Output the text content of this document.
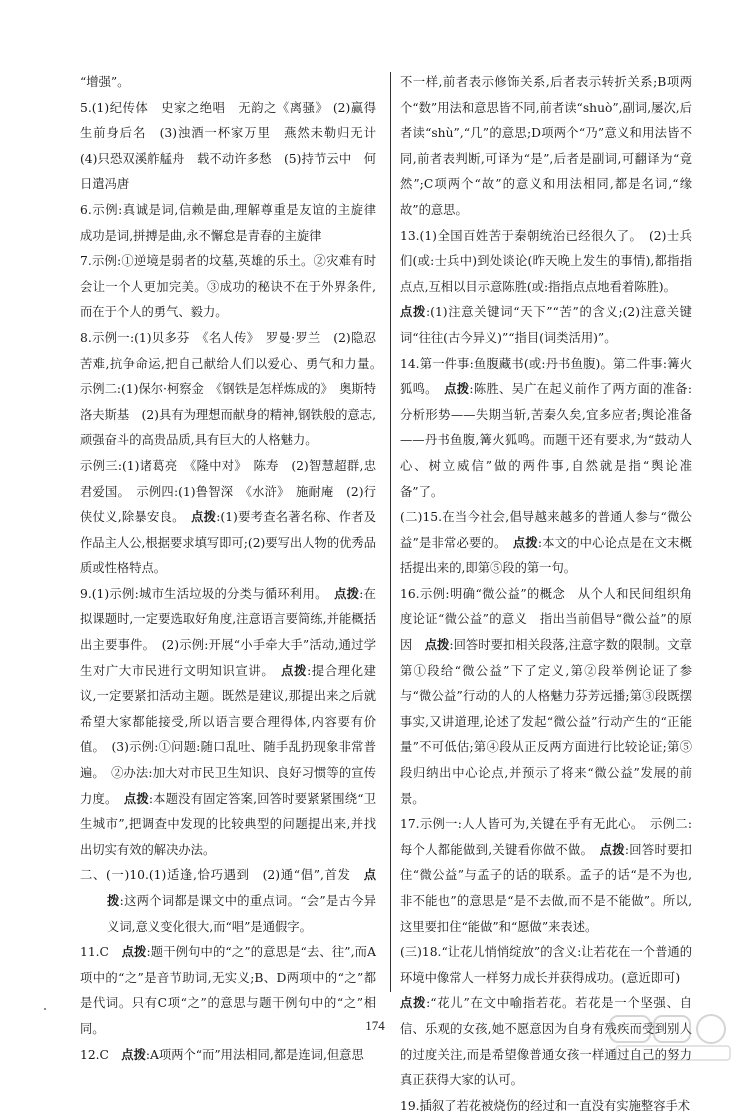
“增强”。

5.(1)纪传体　史家之绝唱　无韵之《离骚》 (2)赢得生前身后名　(3)浊酒一杯家万里　燕然未勒归无计　(4)只恐双溪舴艋舟　载不动许多愁　(5)持节云中　何日遣冯唐

6.示例:真诚是词,信赖是曲,理解尊重是友谊的主旋律　成功是词,拼搏是曲,永不懈怠是青春的主旋律

7.示例:①逆境是弱者的坟墓,英雄的乐土。②灾难有时会让一个人更加完美。③成功的秘诀不在于外界条件,而在于个人的勇气、毅力。

8.示例一:(1)贝多芬　《名人传》　罗曼·罗兰　(2)隐忍苦难,抗争命运,把自己献给人们以爱心、勇气和力量。　示例二:(1)保尔·柯察金　《钢铁是怎样炼成的》　奥斯特洛夫斯基　(2)具有为理想而献身的精神,钢铁般的意志,顽强奋斗的高贵品质,具有巨大的人格魅力。

示例三:(1)诸葛亮　《隆中对》　陈寿　(2)智慧超群,忠君爱国。　示例四:(1)鲁智深　《水浒》　施耐庵　(2)行侠仗义,除暴安良。　点拨:(1)要考查名著名称、作者及作品主人公,根据要求填写即可;(2)要写出人物的优秀品质或性格特点。

9.(1)示例:城市生活垃圾的分类与循环利用。　点拨:在拟课题时,一定要选取好角度,注意语言要简练,并能概括出主要事件。　(2)示例:开展“小手牵大手”活动,通过学生对广大市民进行文明知识宣讲。　点拨:提合理化建议,一定要紧扣活动主题。既然是建议,那提出来之后就希望大家都能接受,所以语言要合理得体,内容要有价值。　(3)示例:①问题:随口乱吐、随手乱扔现象非常普遍。　②办法:加大对市民卫生知识、良好习惯等的宣传力度。　点拨:本题没有固定答案,回答时要紧紧围绕“卫生城市”,把调查中发现的比较典型的问题提出来,并找出切实有效的解决办法。

二、(一)10.(1)适逢,恰巧遇到　(2)通“倡”,首发　点拨:这两个词都是课文中的重点词。“会”是古今异义词,意义变化很大,而“唱”是通假字。

11.C　点拨:题干例句中的“之”的意思是“去、往”,而A项中的“之”是音节助词,无实义;B、D两项中的“之”都是代词。只有C项“之”的意思与题干例句中的“之”相同。

12.C　点拨:A项两个“而”用法相同,都是连词,但意思

不一样,前者表示修饰关系,后者表示转折关系;B项两个“数”用法和意思皆不同,前者读“shuò”,副词,屡次,后者读“shù”,“几”的意思;D项两个“乃”意义和用法皆不同,前者表判断,可译为“是”,后者是副词,可翻译为“竟然”;C项两个“故”的意义和用法相同,都是名词,“缘故”的意思。

13.(1)全国百姓苦于秦朝统治已经很久了。　(2)士兵们(或:士兵中)到处谈论(昨天晚上发生的事情),都指指点点,互相以目示意陈胜(或:指指点点地看着陈胜)。

点拨:(1)注意关键词“天下”“苦”的含义;(2)注意关键词“往往(古今异义)”“指目(词类活用)”。

14.第一件事:鱼腹藏书(或:丹书鱼腹)。第二件事:篝火狐鸣。　点拨:陈胜、吴广在起义前作了两方面的准备:分析形势——失期当斩,苦秦久矣,宜多应者;舆论准备——丹书鱼腹,篝火狐鸣。而题干还有要求,为“鼓动人心、树立威信”做的两件事,自然就是指“舆论准备”了。

(二)15.在当今社会,倡导越来越多的普通人参与“微公益”是非常必要的。　点拨:本文的中心论点是在文末概括提出来的,即第⑤段的第一句。

16.示例:明确“微公益”的概念　从个人和民间组织角度论证“微公益”的意义　指出当前倡导“微公益”的原因　点拨:回答时要扣相关段落,注意字数的限制。文章第①段给“微公益”下了定义,第②段举例论证了参与“微公益”行动的人的人格魅力芬芳远播;第③段既摆事实,又讲道理,论述了发起“微公益”行动产生的“正能量”不可低估;第④段从正反两方面进行比较论证;第⑤段归纳出中心论点,并预示了将来“微公益”发展的前景。

17.示例一:人人皆可为,关键在乎有无此心。　示例二:每个人都能做到,关键看你做不做。　点拨:回答时要扣住“微公益”与孟子的话的联系。孟子的话“是不为也,非不能也”的意思是“是不去做,而不是不能做”。所以,这里要扣住“能做”和“愿做”来表述。

(三)18.“让花儿悄悄绽放”的含义:让若花在一个普通的环境中像常人一样努力成长并获得成功。(意近即可)

点拨:“花儿”在文中喻指若花。若花是一个坚强、自信、乐观的女孩,她不愿意因为自身有残疾而受到别人的过度关注,而是希望像普通女孩一样通过自己的努力真正获得大家的认可。

19.插叙了若花被烧伤的经过和一直没有实施整容手术

174
